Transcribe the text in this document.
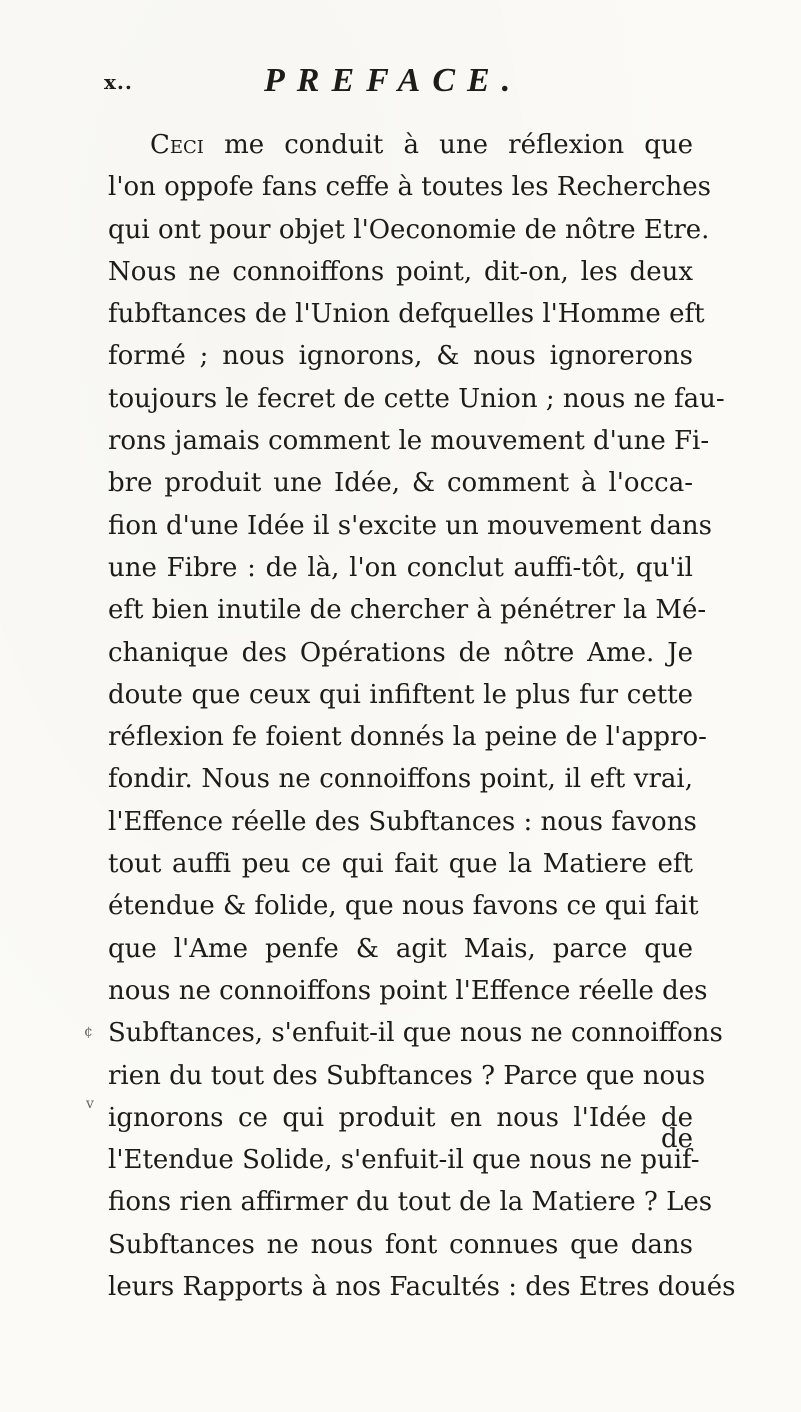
x..	PREFACE.
Ceci me conduit à une réflexion que
l'on oppofe fans ceffe à toutes les Recherches
qui ont pour objet l'Oeconomie de nôtre Etre.
Nous ne connoiffons point, dit-on, les deux
fubftances de l'Union defquelles l'Homme eft
formé ; nous ignorons, & nous ignorerons
toujours le fecret de cette Union ; nous ne fau-
rons jamais comment le mouvement d'une Fi-
bre produit une Idée, & comment à l'occa-
fion d'une Idée il s'excite un mouvement dans
une Fibre : de là, l'on conclut auffi-tôt, qu'il
eft bien inutile de chercher à pénétrer la Mé-
chanique des Opérations de nôtre Ame. Je
doute que ceux qui infiftent le plus fur cette
réflexion fe foient donnés la peine de l'appro-
fondir. Nous ne connoiffons point, il eft vrai,
l'Effence réelle des Subftances : nous favons
tout auffi peu ce qui fait que la Matiere eft
étendue & folide, que nous favons ce qui fait
que l'Ame penfe & agit Mais, parce que
nous ne connoiffons point l'Effence réelle des
Subftances, s'enfuit-il que nous ne connoiffons
rien du tout des Subftances ? Parce que nous
ignorons ce qui produit en nous l'Idée de
l'Etendue Solide, s'enfuit-il que nous ne puif-
fions rien affirmer du tout de la Matiere ? Les
Subftances ne nous font connues que dans
leurs Rapports à nos Facultés : des Etres doués
de
¢
v
